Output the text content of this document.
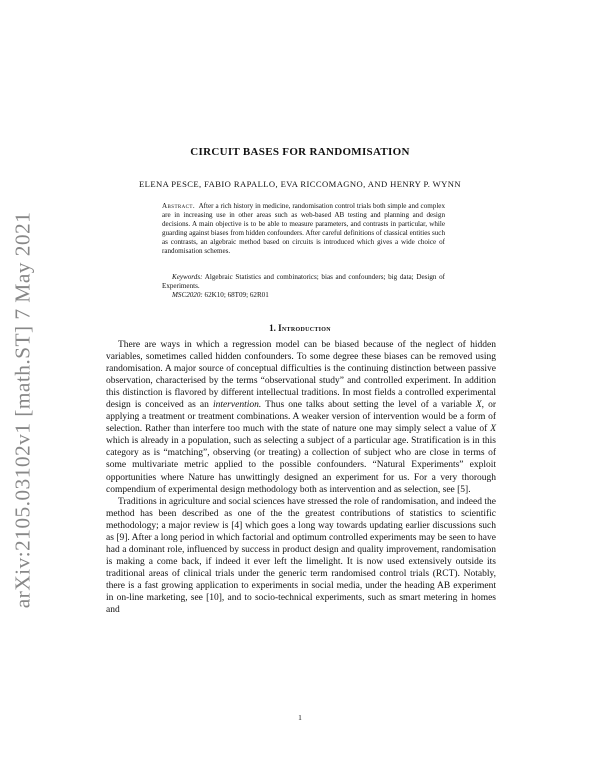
arXiv:2105.03102v1 [math.ST] 7 May 2021
CIRCUIT BASES FOR RANDOMISATION

ELENA PESCE, FABIO RAPALLO, EVA RICCOMAGNO, AND HENRY P. WYNN

Abstract. After a rich history in medicine, randomisation control trials both simple and complex are in increasing use in other areas such as web-based AB testing and planning and design decisions. A main objective is to be able to measure parameters, and contrasts in particular, while guarding against biases from hidden confounders. After careful definitions of classical entities such as contrasts, an algebraic method based on circuits is introduced which gives a wide choice of randomisation schemes.

Keywords: Algebraic Statistics and combinatorics; bias and confounders; big data; Design of Experiments.

MSC2020: 62K10; 68T09; 62R01

1. Introduction

There are ways in which a regression model can be biased because of the neglect of hidden variables, sometimes called hidden confounders. To some degree these biases can be removed using randomisation. A major source of conceptual difficulties is the continuing distinction between passive observation, characterised by the terms “observational study” and controlled experiment. In addition this distinction is flavored by different intellectual traditions. In most fields a controlled experimental design is conceived as an intervention. Thus one talks about setting the level of a variable X, or applying a treatment or treatment combinations. A weaker version of intervention would be a form of selection. Rather than interfere too much with the state of nature one may simply select a value of X which is already in a population, such as selecting a subject of a particular age. Stratification is in this category as is “matching”, observing (or treating) a collection of subject who are close in terms of some multivariate metric applied to the possible confounders. “Natural Experiments” exploit opportunities where Nature has unwittingly designed an experiment for us. For a very thorough compendium of experimental design methodology both as intervention and as selection, see [5].

Traditions in agriculture and social sciences have stressed the role of randomisation, and indeed the method has been described as one of the the greatest contributions of statistics to scientific methodology; a major review is [4] which goes a long way towards updating earlier discussions such as [9]. After a long period in which factorial and optimum controlled experiments may be seen to have had a dominant role, influenced by success in product design and quality improvement, randomisation is making a come back, if indeed it ever left the limelight. It is now used extensively outside its traditional areas of clinical trials under the generic term randomised control trials (RCT). Notably, there is a fast growing application to experiments in social media, under the heading AB experiment in on-line marketing, see [10], and to socio-technical experiments, such as smart metering in homes and

1
